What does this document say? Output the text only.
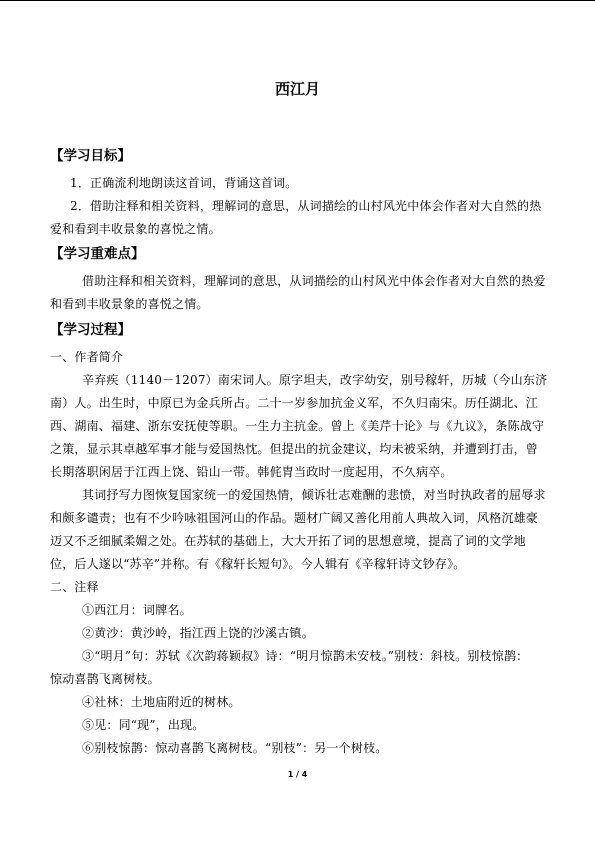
西江月
【学习目标】
1．正确流利地朗读这首词，背诵这首词。
2．借助注释和相关资料，理解词的意思，从词描绘的山村风光中体会作者对大自然的热
爱和看到丰收景象的喜悦之情。
【学习重难点】
借助注释和相关资料，理解词的意思，从词描绘的山村风光中体会作者对大自然的热爱
和看到丰收景象的喜悦之情。
【学习过程】
一、作者简介
辛弃疾（1140－1207）南宋词人。原字坦夫，改字幼安，别号稼轩，历城（今山东济
南）人。出生时，中原已为金兵所占。二十一岁参加抗金义军，不久归南宋。历任湖北、江
西、湖南、福建、浙东安抚使等职。一生力主抗金。曾上《美芹十论》与《九议》，条陈战守
之策，显示其卓越军事才能与爱国热忱。但提出的抗金建议，均未被采纳，并遭到打击，曾
长期落职闲居于江西上饶、铅山一带。韩侂胄当政时一度起用，不久病卒。
其词抒写力图恢复国家统一的爱国热情，倾诉壮志难酬的悲愤，对当时执政者的屈辱求
和颇多谴责；也有不少吟咏祖国河山的作品。题材广阔又善化用前人典故入词，风格沉雄豪
迈又不乏细腻柔媚之处。在苏轼的基础上，大大开拓了词的思想意境，提高了词的文学地
位，后人遂以“苏辛”并称。有《稼轩长短句》。今人辑有《辛稼轩诗文钞存》。
二、注释
①西江月：词牌名。
②黄沙：黄沙岭，指江西上饶的沙溪古镇。
③“明月”句：苏轼《次韵蒋颖叔》诗：“明月惊鹊未安枝。”别枝：斜枝。别枝惊鹊：
惊动喜鹊飞离树枝。
④社林：土地庙附近的树林。
⑤见：同“现”，出现。
⑥别枝惊鹊：惊动喜鹊飞离树枝。“别枝”：另一个树枝。
1 / 4
